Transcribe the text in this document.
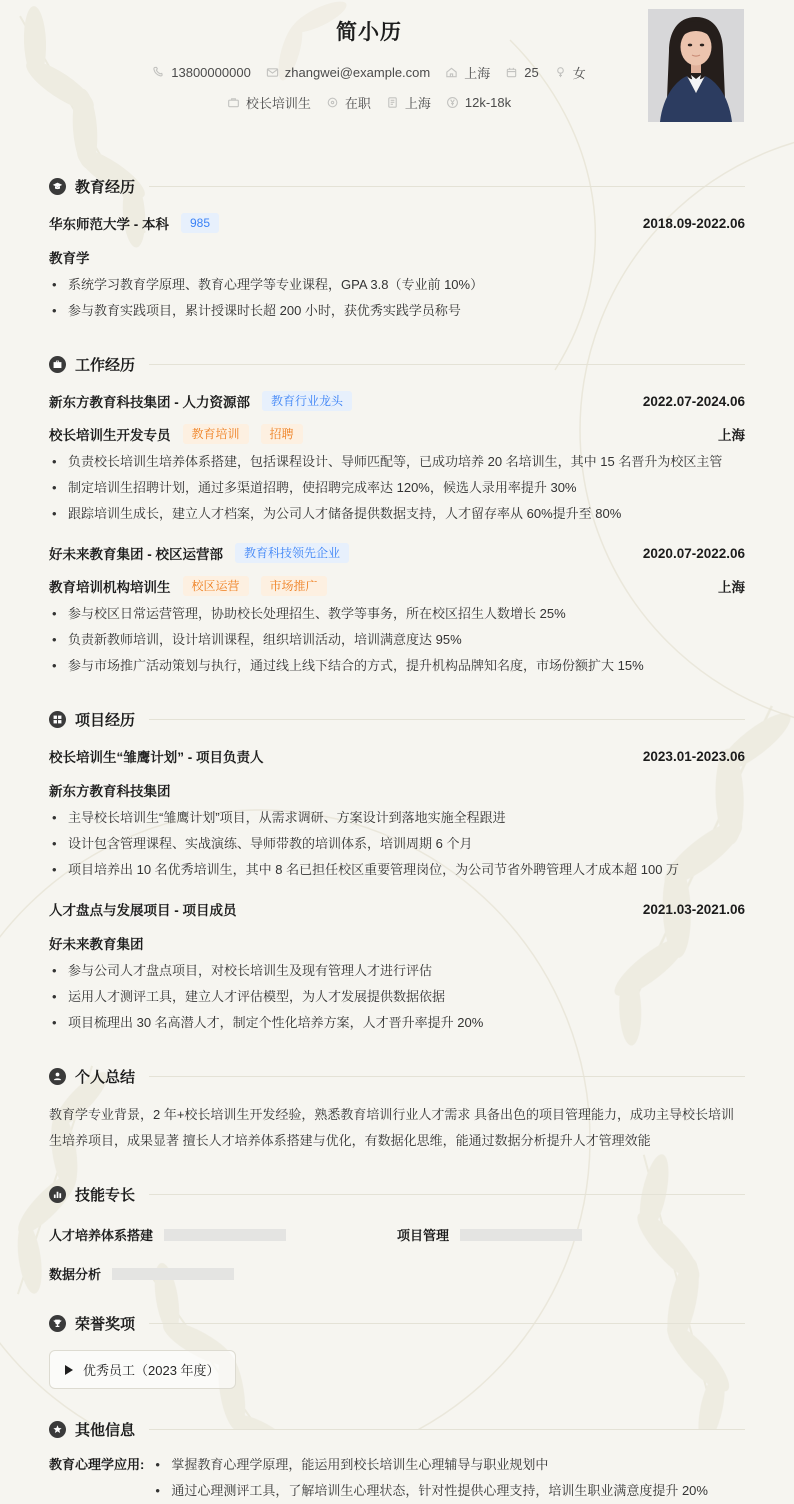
简小历
13800000000	zhangwei@example.com	上海	25	女
校长培训生	在职	上海	12k-18k
教育经历
华东师范大学 - 本科	985	2018.09-2022.06
教育学
• 系统学习教育学原理、教育心理学等专业课程，GPA 3.8（专业前 10%）
• 参与教育实践项目，累计授课时长超 200 小时，获优秀实践学员称号
工作经历
新东方教育科技集团 - 人力资源部	教育行业龙头	2022.07-2024.06
校长培训生开发专员	教育培训	招聘	上海
• 负责校长培训生培养体系搭建，包括课程设计、导师匹配等，已成功培养 20 名培训生，其中 15 名晋升为校区主管
• 制定培训生招聘计划，通过多渠道招聘，使招聘完成率达 120%，候选人录用率提升 30%
• 跟踪培训生成长，建立人才档案，为公司人才储备提供数据支持，人才留存率从 60%提升至 80%
好未来教育集团 - 校区运营部	教育科技领先企业	2020.07-2022.06
教育培训机构培训生	校区运营	市场推广	上海
• 参与校区日常运营管理，协助校长处理招生、教学等事务，所在校区招生人数增长 25%
• 负责新教师培训，设计培训课程，组织培训活动，培训满意度达 95%
• 参与市场推广活动策划与执行，通过线上线下结合的方式，提升机构品牌知名度，市场份额扩大 15%
项目经历
校长培训生“雏鹰计划” - 项目负责人	2023.01-2023.06
新东方教育科技集团
• 主导校长培训生“雏鹰计划”项目，从需求调研、方案设计到落地实施全程跟进
• 设计包含管理课程、实战演练、导师带教的培训体系，培训周期 6 个月
• 项目培养出 10 名优秀培训生，其中 8 名已担任校区重要管理岗位，为公司节省外聘管理人才成本超 100 万
人才盘点与发展项目 - 项目成员	2021.03-2021.06
好未来教育集团
• 参与公司人才盘点项目，对校长培训生及现有管理人才进行评估
• 运用人才测评工具，建立人才评估模型，为人才发展提供数据依据
• 项目梳理出 30 名高潜人才，制定个性化培养方案，人才晋升率提升 20%
个人总结
教育学专业背景，2 年+校长培训生开发经验，熟悉教育培训行业人才需求 具备出色的项目管理能力，成功主导校长培训生培养项目，成果显著 擅长人才培养体系搭建与优化，有数据化思维，能通过数据分析提升人才管理效能
技能专长
人才培养体系搭建	项目管理
数据分析
荣誉奖项
优秀员工（2023 年度）
其他信息
教育心理学应用:	• 掌握教育心理学原理，能运用到校长培训生心理辅导与职业规划中
• 通过心理测评工具，了解培训生心理状态，针对性提供心理支持，培训生职业满意度提升 20%
